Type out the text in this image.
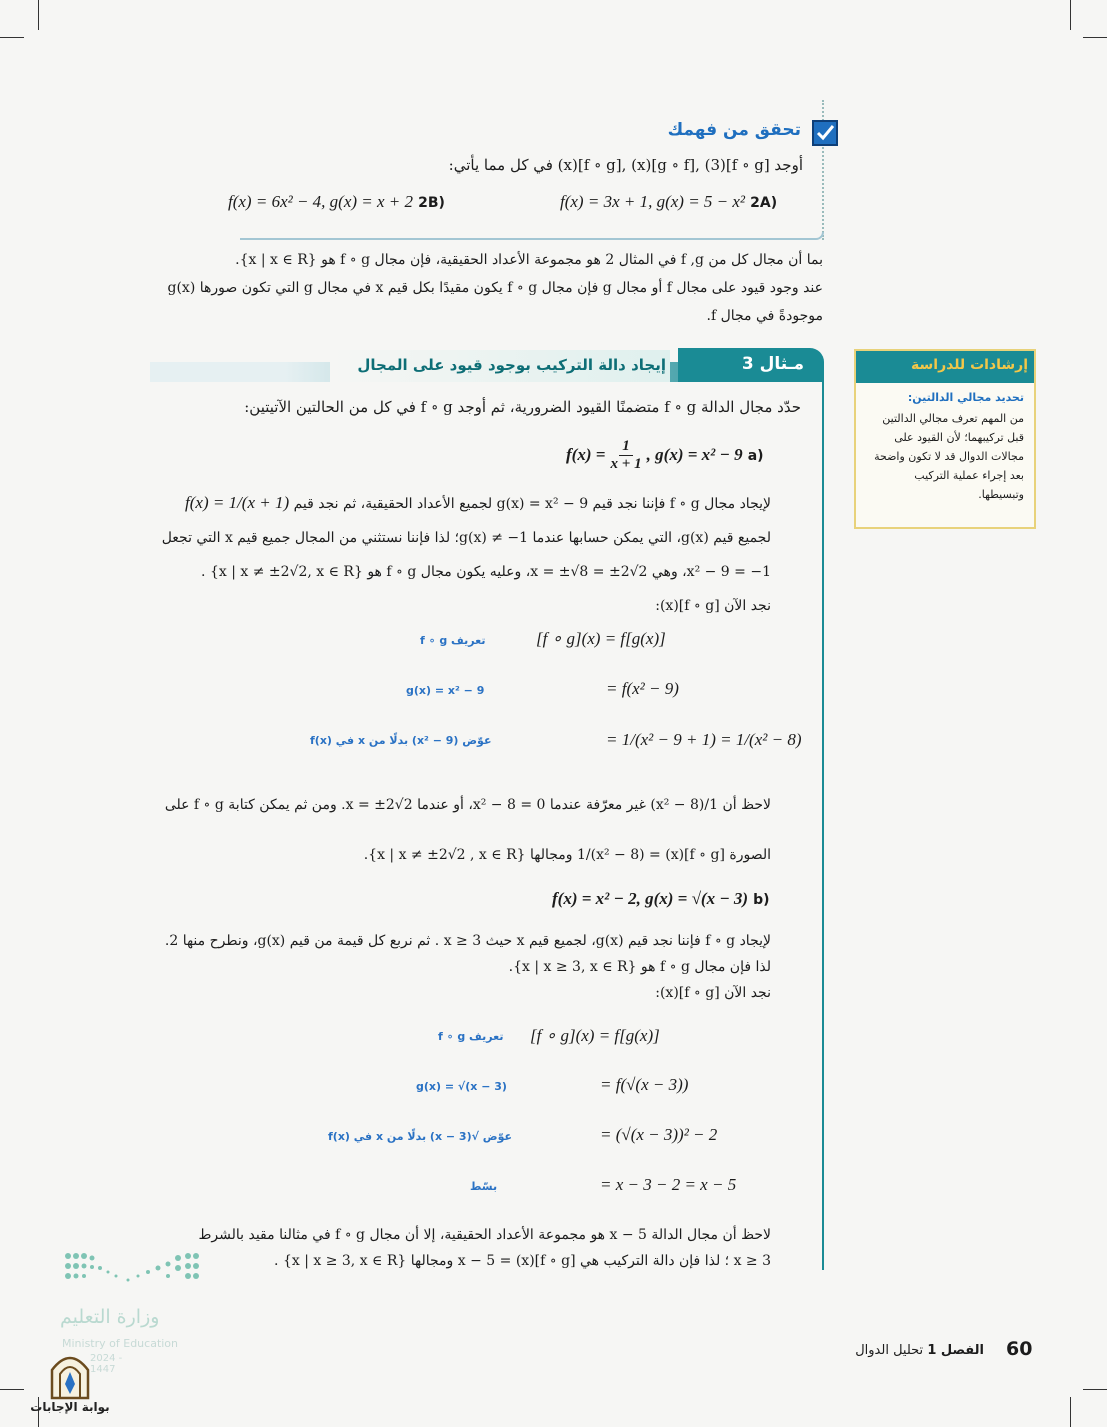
تحقق من فهمك
أوجد [f ∘ g](3) ,[g ∘ f](x) ,[f ∘ g](x) في كل مما يأتي:
f(x) = 3x + 1, g(x) = 5 − x² 2A)
f(x) = 6x² − 4, g(x) = x + 2 2B)
بما أن مجال كل من f ,g في المثال 2 هو مجموعة الأعداد الحقيقية، فإن مجال f ∘ g هو {x | x ∈ R}.
عند وجود قيود على مجال f أو مجال g فإن مجال f ∘ g يكون مقيدًا بكل قيم x في مجال g التي تكون صورها g(x)
موجودةً في مجال f.
مـثال 3
إيجاد دالة التركيب بوجود قيود على المجال	إرشادات للدراسة
تحديد مجالي الدالتين:
من المهم تعرف مجالي الدالتين قبل تركيبهما؛ لأن القيود على مجالات الدوال قد لا تكون واضحة بعد إجراء عملية التركيب وتبسيطها.
حدّد مجال الدالة f ∘ g متضمنًا القيود الضرورية، ثم أوجد f ∘ g في كل من الحالتين الآتيتين:
$f(x) = \frac{1}{x + 1}$ , g(x) = x² − 9 a)
لإيجاد مجال f ∘ g فإننا نجد قيم g(x) = x² − 9 لجميع الأعداد الحقيقية، ثم نجد قيم f(x) = 1/(x + 1)
لجميع قيم g(x)، التي يمكن حسابها عندما g(x) ≠ −1؛ لذا فإننا نستثني من المجال جميع قيم x التي تجعل
x² − 9 = −1، وهي x = ±√8 = ±2√2، وعليه يكون مجال f ∘ g هو {x | x ≠ ±2√2, x ∈ R} .
نجد الآن [f ∘ g](x):
[f ∘ g](x) = f[g(x)]
تعريف f ∘ g
= f(x² − 9)
g(x) = x² − 9
= 1/(x² − 9 + 1) = 1/(x² − 8)
عوّض (x² − 9) بدلًا من x في f(x)
لاحظ أن 1/(x² − 8) غير معرّفة عندما x² − 8 = 0، أو عندما x = ±2√2. ومن ثم يمكن كتابة f ∘ g على
الصورة [f ∘ g](x) = 1/(x² − 8) ومجالها {x | x ≠ ±2√2 , x ∈ R}.
f(x) = x² − 2, g(x) = √(x − 3) b)
لإيجاد f ∘ g فإننا نجد قيم g(x)، لجميع قيم x حيث x ≥ 3 . ثم نربع كل قيمة من قيم g(x)، ونطرح منها 2.
لذا فإن مجال f ∘ g هو {x | x ≥ 3, x ∈ R}.
نجد الآن [f ∘ g](x):
[f ∘ g](x) = f[g(x)]
تعريف f ∘ g
= f(√(x − 3))
g(x) = √(x − 3)
= (√(x − 3))² − 2
عوّض √(x − 3) بدلًا من x في f(x)
= x − 3 − 2 = x − 5
بسّط
لاحظ أن مجال الدالة x − 5 هو مجموعة الأعداد الحقيقية، إلا أن مجال f ∘ g في مثالنا مقيد بالشرط
x ≥ 3 ؛ لذا فإن دالة التركيب هي [f ∘ g](x) = x − 5 ومجالها {x | x ≥ 3, x ∈ R} .
وزارة التعليم
Ministry of Education
2024 - 1447
بوابة الإجابات
60
الفصل 1 تحليل الدوال
